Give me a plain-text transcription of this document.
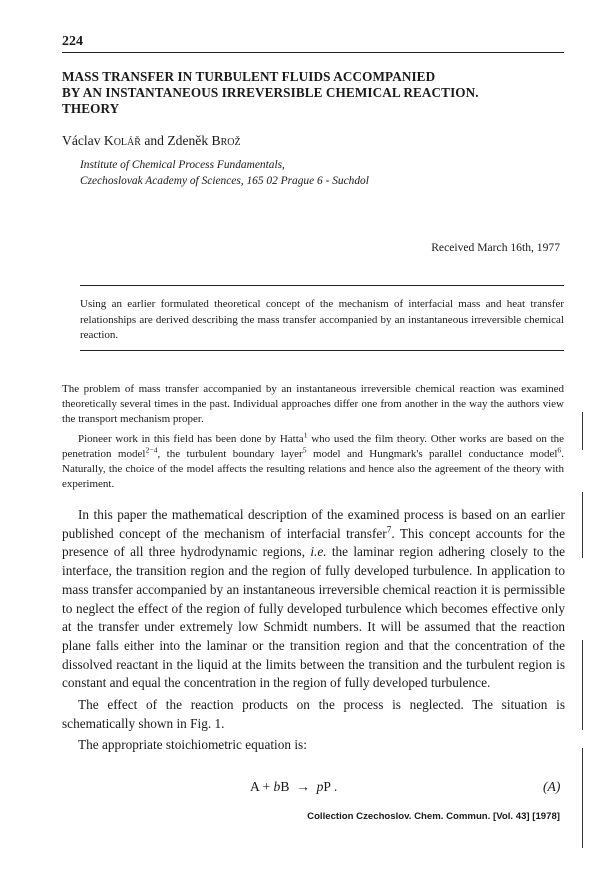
224
MASS TRANSFER IN TURBULENT FLUIDS ACCOMPANIED
BY AN INSTANTANEOUS IRREVERSIBLE CHEMICAL REACTION.
THEORY
Václav Kolář and Zdeněk Brož
Institute of Chemical Process Fundamentals,
Czechoslovak Academy of Sciences, 165 02 Prague 6 - Suchdol
Received March 16th, 1977
Using an earlier formulated theoretical concept of the mechanism of interfacial mass and heat transfer relationships are derived describing the mass transfer accompanied by an instantaneous irreversible chemical reaction.

The problem of mass transfer accompanied by an instantaneous irreversible chemical reaction was examined theoretically several times in the past. Individual approaches differ one from another in the way the authors view the transport mechanism proper.

Pioneer work in this field has been done by Hatta$^1$ who used the film theory. Other works are based on the penetration model$^{2-4}$, the turbulent boundary layer$^5$ model and Hungmark's parallel conductance model$^6$. Naturally, the choice of the model affects the resulting relations and hence also the agreement of the theory with experiment.

In this paper the mathematical description of the examined process is based on an earlier published concept of the mechanism of interfacial transfer$^7$. This concept accounts for the presence of all three hydrodynamic regions, i.e. the laminar region adhering closely to the interface, the transition region and the region of fully developed turbulence. In application to mass transfer accompanied by an instantaneous irreversible chemical reaction it is permissible to neglect the effect of the region of fully developed turbulence which becomes effective only at the transfer under extremely low Schmidt numbers. It will be assumed that the reaction plane falls either into the laminar or the transition region and that the concentration of the dissolved reactant in the liquid at the limits between the transition and the turbulent region is constant and equal the concentration in the region of fully developed turbulence.

The effect of the reaction products on the process is neglected. The situation is schematically shown in Fig. 1.

The appropriate stoichiometric equation is:

A + bB  →  pP .	(A)
Collection Czechoslov. Chem. Commun. [Vol. 43] [1978]
